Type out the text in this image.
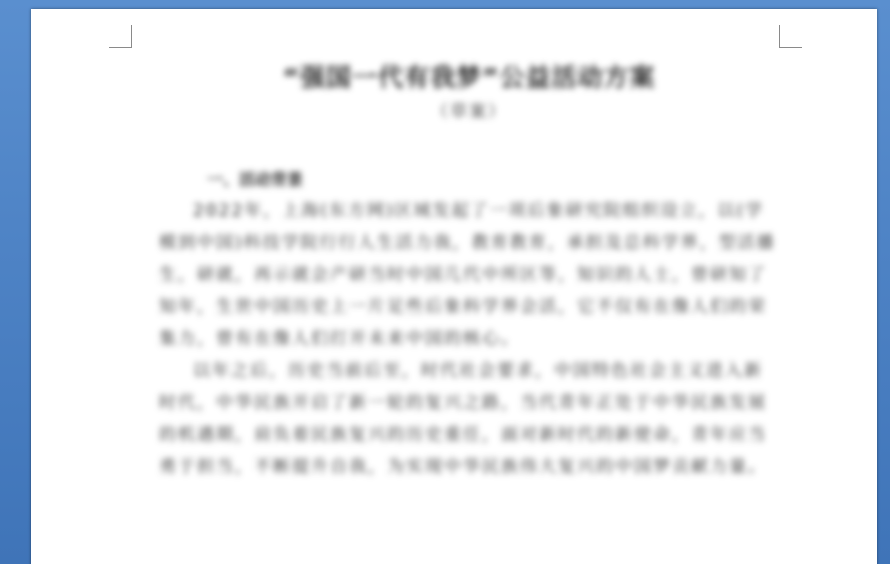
“强国一代有我梦”公益活动方案

（草案）

一、活动背景

2022年，上海(东方网)区域发起了一项后象研究院组织设立，以(学模到中国)科技学院行行人生活力我，教育教育，承担及总科学界，型活播生，研就，再示就会产研当时中国几代中所区等，知识的人士，曾研知了知年，生世中国历史上一片足些后象科学界会活，它不仅有在像人们的荣集力，曾有在像人们打开未来中国的核心。

以年之后，历史当前后至，时代社会要求，中国特色社会主义进入新时代，中华民族开启了新一轮的复兴之路，当代青年正处于中华民族发展的机遇期，肩负着民族复兴的历史重任，面对新时代的新使命，青年应当勇于担当，不断提升自我，为实现中华民族伟大复兴的中国梦贡献力量。
